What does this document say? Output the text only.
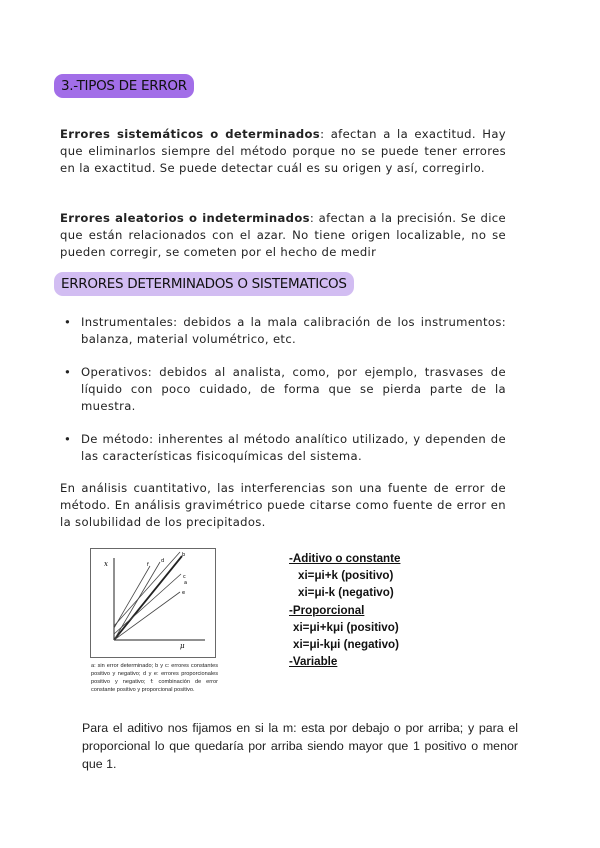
3.-TIPOS DE ERROR
Errores sistemáticos o determinados: afectan a la exactitud. Hay que eliminarlos siempre del método porque no se puede tener errores en la exactitud. Se puede detectar cuál es su origen y así, corregirlo.
Errores aleatorios o indeterminados: afectan a la precisión. Se dice que están relacionados con el azar. No tiene origen localizable, no se pueden corregir, se cometen por el hecho de medir
ERRORES DETERMINADOS O SISTEMATICOS
• Instrumentales: debidos a la mala calibración de los instrumentos: balanza, material volumétrico, etc.
• Operativos: debidos al analista, como, por ejemplo, trasvases de líquido con poco cuidado, de forma que se pierda parte de la muestra.
• De método: inherentes al método analítico utilizado, y dependen de las características fisicoquímicas del sistema.
En análisis cuantitativo, las interferencias son una fuente de error de método. En análisis gravimétrico puede citarse como fuente de error en la solubilidad de los precipitados.
x
μ
a
b
c
d
e
f
a: sin error determinado; b y c: errores constantes positivo y negativo; d y e: errores proporcionales positivo y negativo; f: combinación de error constante positivo y proporcional positivo.
-Aditivo o constante
xi=μi+k (positivo)
xi=μi-k (negativo)
-Proporcional
xi=μi+kμi (positivo)
xi=μi-kμi (negativo)
-Variable
Para el aditivo nos fijamos en si la m: esta por debajo o por arriba; y para el proporcional lo que quedaría por arriba siendo mayor que 1 positivo o menor que 1.
